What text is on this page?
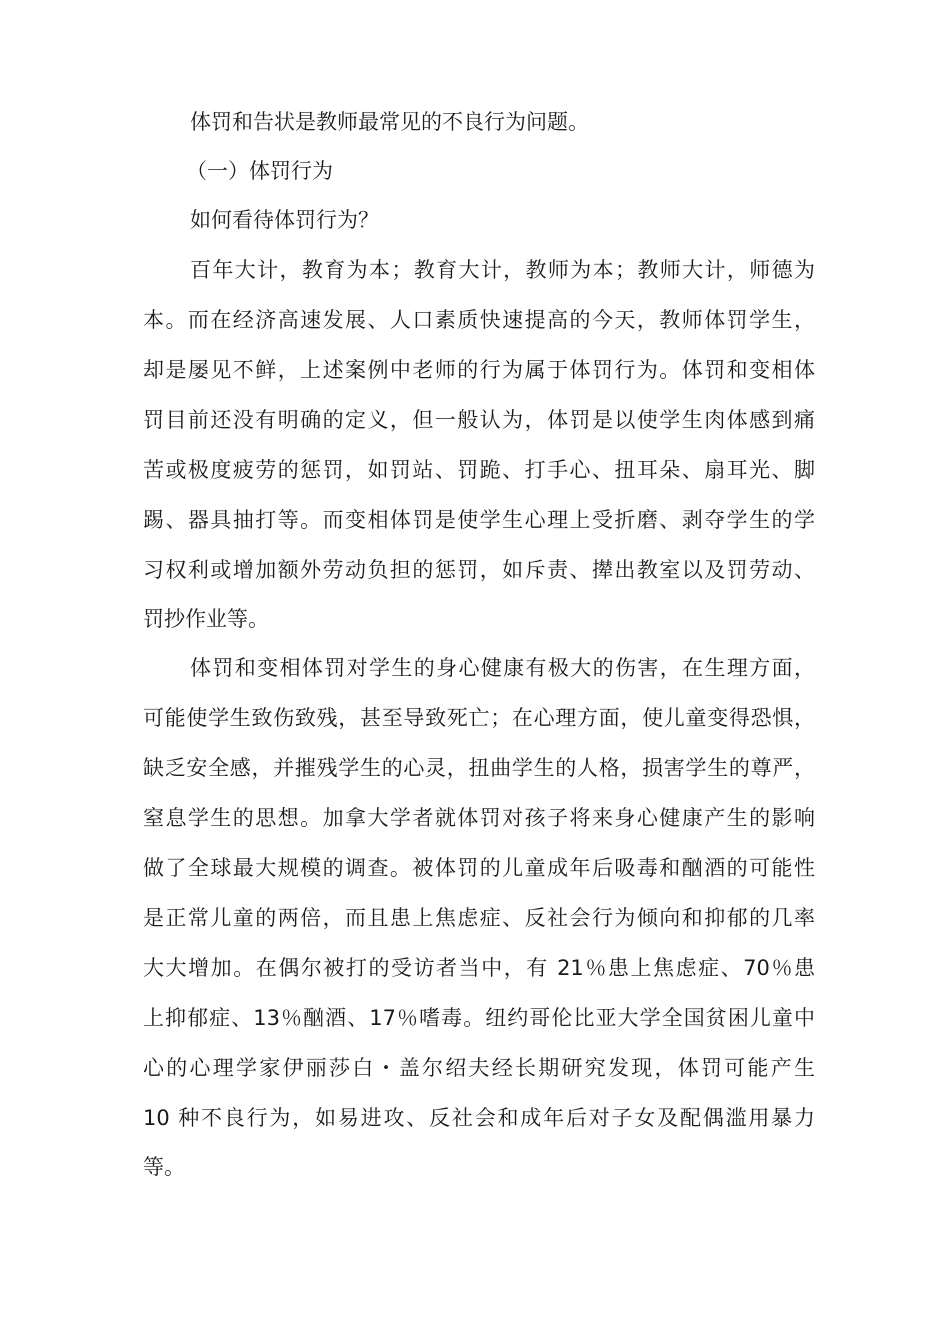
体罚和告状是教师最常见的不良行为问题。
（一）体罚行为
如何看待体罚行为？
百年大计，教育为本；教育大计，教师为本；教师大计，师德为
本。而在经济高速发展、人口素质快速提高的今天，教师体罚学生，
却是屡见不鲜，上述案例中老师的行为属于体罚行为。体罚和变相体
罚目前还没有明确的定义，但一般认为，体罚是以使学生肉体感到痛
苦或极度疲劳的惩罚，如罚站、罚跪、打手心、扭耳朵、扇耳光、脚
踢、器具抽打等。而变相体罚是使学生心理上受折磨、剥夺学生的学
习权利或增加额外劳动负担的惩罚，如斥责、撵出教室以及罚劳动、
罚抄作业等。
体罚和变相体罚对学生的身心健康有极大的伤害，在生理方面，
可能使学生致伤致残，甚至导致死亡；在心理方面，使儿童变得恐惧，
缺乏安全感，并摧残学生的心灵，扭曲学生的人格，损害学生的尊严，
窒息学生的思想。加拿大学者就体罚对孩子将来身心健康产生的影响
做了全球最大规模的调查。被体罚的儿童成年后吸毒和酗酒的可能性
是正常儿童的两倍，而且患上焦虑症、反社会行为倾向和抑郁的几率
大大增加。在偶尔被打的受访者当中，有 21％患上焦虑症、70％患
上抑郁症、13％酗酒、17％嗜毒。纽约哥伦比亚大学全国贫困儿童中
心的心理学家伊丽莎白・盖尔绍夫经长期研究发现，体罚可能产生
10 种不良行为，如易进攻、反社会和成年后对子女及配偶滥用暴力
等。
